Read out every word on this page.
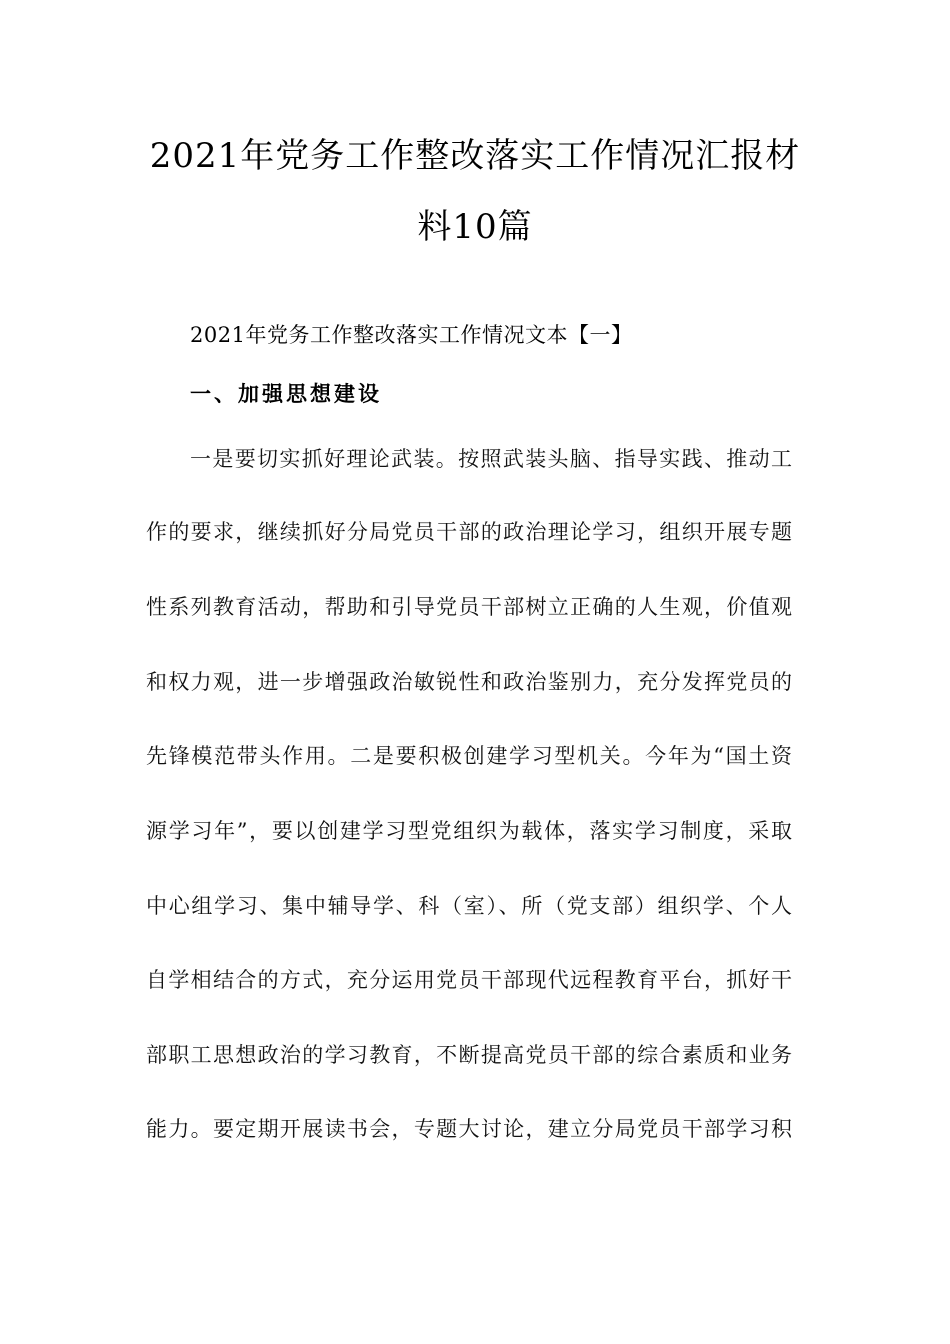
2021年党务工作整改落实工作情况汇报材
料10篇
2021年党务工作整改落实工作情况文本【一】
一、加强思想建设
一是要切实抓好理论武装。按照武装头脑、指导实践、推动工
作的要求，继续抓好分局党员干部的政治理论学习，组织开展专题
性系列教育活动，帮助和引导党员干部树立正确的人生观，价值观
和权力观，进一步增强政治敏锐性和政治鉴别力，充分发挥党员的
先锋模范带头作用。二是要积极创建学习型机关。今年为“国土资
源学习年”，要以创建学习型党组织为载体，落实学习制度，采取
中心组学习、集中辅导学、科（室）、所（党支部）组织学、个人
自学相结合的方式，充分运用党员干部现代远程教育平台，抓好干
部职工思想政治的学习教育，不断提高党员干部的综合素质和业务
能力。要定期开展读书会，专题大讨论，建立分局党员干部学习积
